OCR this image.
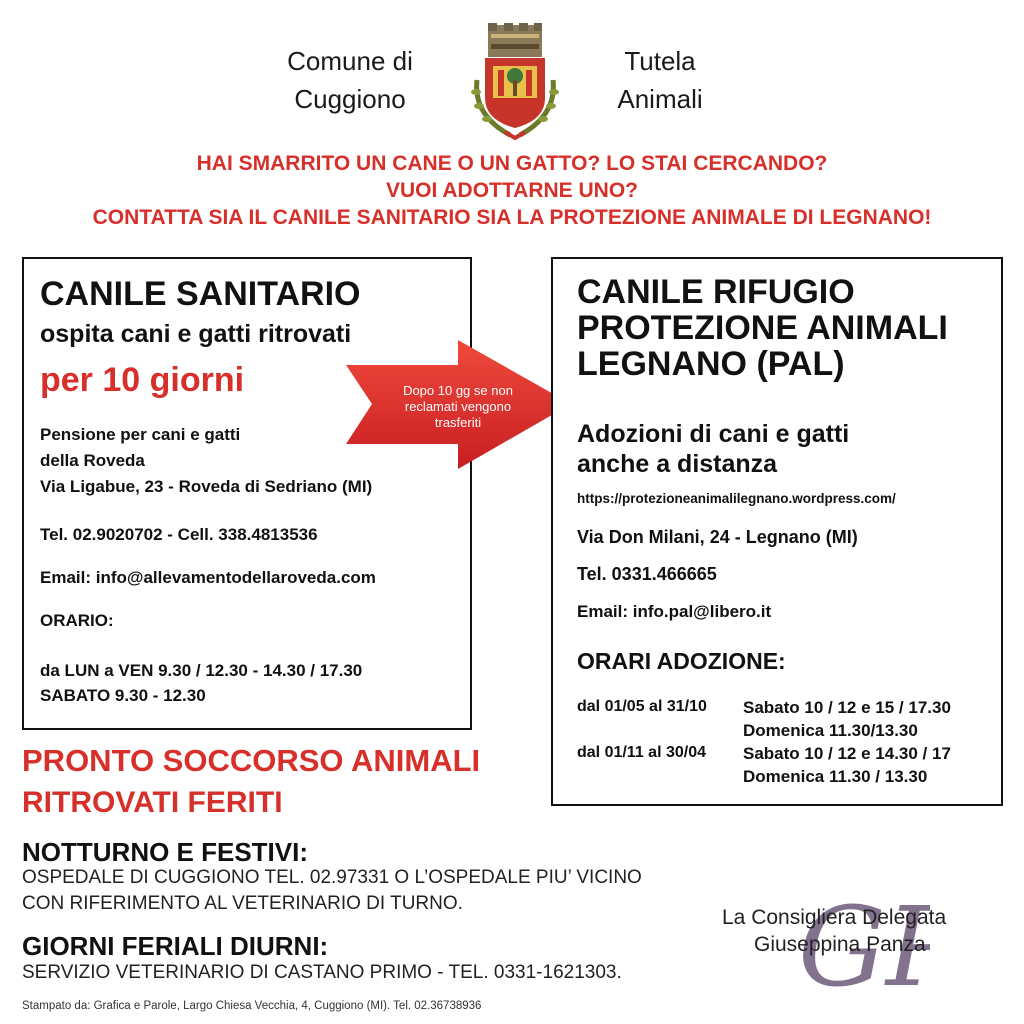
Comune di
Cuggiono
Tutela
Animali
HAI SMARRITO UN CANE O UN GATTO? LO STAI CERCANDO?
VUOI ADOTTARNE UNO?
CONTATTA SIA IL CANILE SANITARIO SIA LA PROTEZIONE ANIMALE DI LEGNANO!
CANILE SANITARIO
ospita cani e gatti ritrovati
per 10 giorni
Pensione per cani e gatti
della Roveda
Via Ligabue, 23 - Roveda di Sedriano (MI)
Tel. 02.9020702 - Cell. 338.4813536
Email: info@allevamentodellaroveda.com
ORARIO:
da LUN a VEN 9.30 / 12.30 - 14.30 / 17.30
SABATO 9.30 - 12.30
Dopo 10 gg se non
reclamati vengono
trasferiti
CANILE RIFUGIO
PROTEZIONE ANIMALI
LEGNANO (PAL)
Adozioni di cani e gatti
anche a distanza
https://protezioneanimalilegnano.wordpress.com/
Via Don Milani, 24 - Legnano (MI)
Tel. 0331.466665
Email: info.pal@libero.it
ORARI ADOZIONE:
dal 01/05 al 31/10 Sabato 10 / 12 e 15 / 17.30
Domenica 11.30/13.30
dal 01/11 al 30/04 Sabato 10 / 12 e 14.30 / 17
Domenica 11.30 / 13.30
PRONTO SOCCORSO ANIMALI
RITROVATI FERITI
NOTTURNO E FESTIVI:
OSPEDALE DI CUGGIONO TEL. 02.97331 O L’OSPEDALE PIU’ VICINO
CON RIFERIMENTO AL VETERINARIO DI TURNO.
GIORNI FERIALI DIURNI:
SERVIZIO VETERINARIO DI CASTANO PRIMO - TEL. 0331-1621303. G
La Consigliera Delegata
Giuseppina Panza
Stampato da: Grafica e Parole, Largo Chiesa Vecchia, 4, Cuggiono (MI). Tel. 02.36738936
